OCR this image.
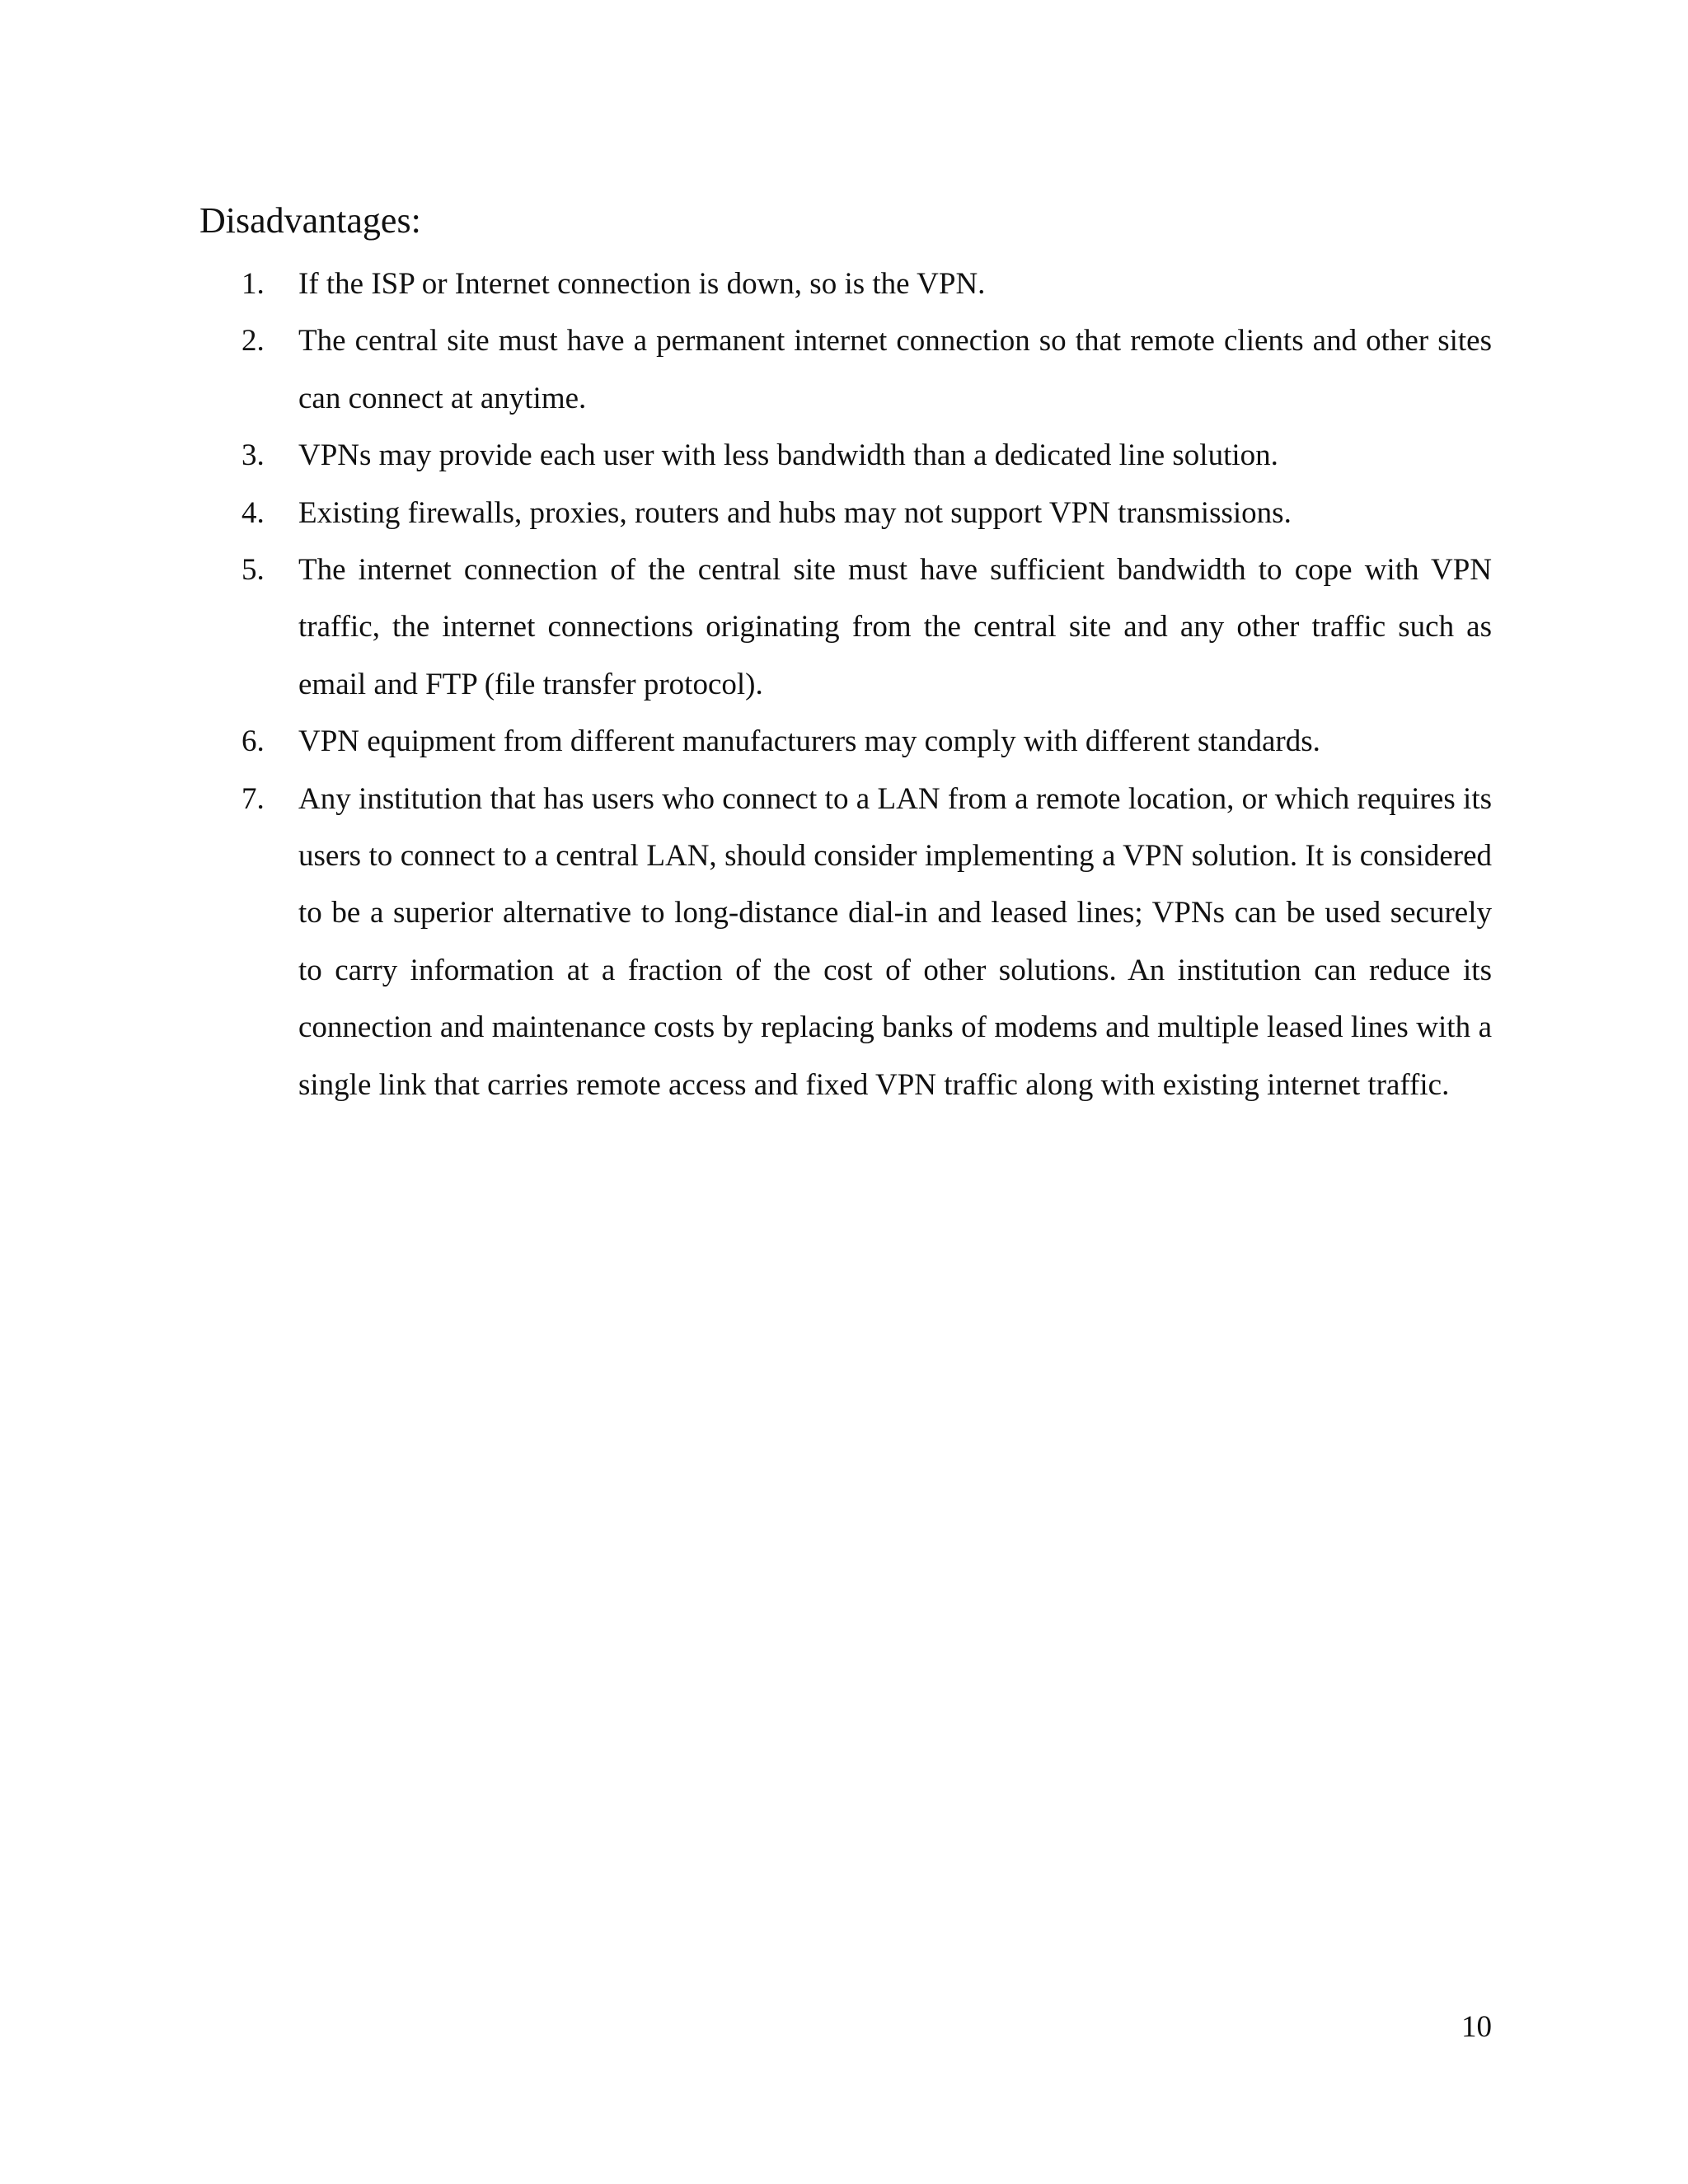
Disadvantages:
1.	If the ISP or Internet connection is down, so is the VPN.
2.	The central site must have a permanent internet connection so that remote clients and other sites can connect at anytime.
3.	VPNs may provide each user with less bandwidth than a dedicated line solution.
4.	Existing firewalls, proxies, routers and hubs may not support VPN transmissions.
5.	The internet connection of the central site must have sufficient bandwidth to cope with VPN traffic, the internet connections originating from the central site and any other traffic such as email and FTP (file transfer protocol).
6.	VPN equipment from different manufacturers may comply with different standards.
7.	Any institution that has users who connect to a LAN from a remote location, or which requires its users to connect to a central LAN, should consider implementing a VPN solution. It is considered to be a superior alternative to long-distance dial-in and leased lines; VPNs can be used securely to carry information at a fraction of the cost of other solutions. An institution can reduce its connection and maintenance costs by replacing banks of modems and multiple leased lines with a single link that carries remote access and fixed VPN traffic along with existing internet traffic.
10
